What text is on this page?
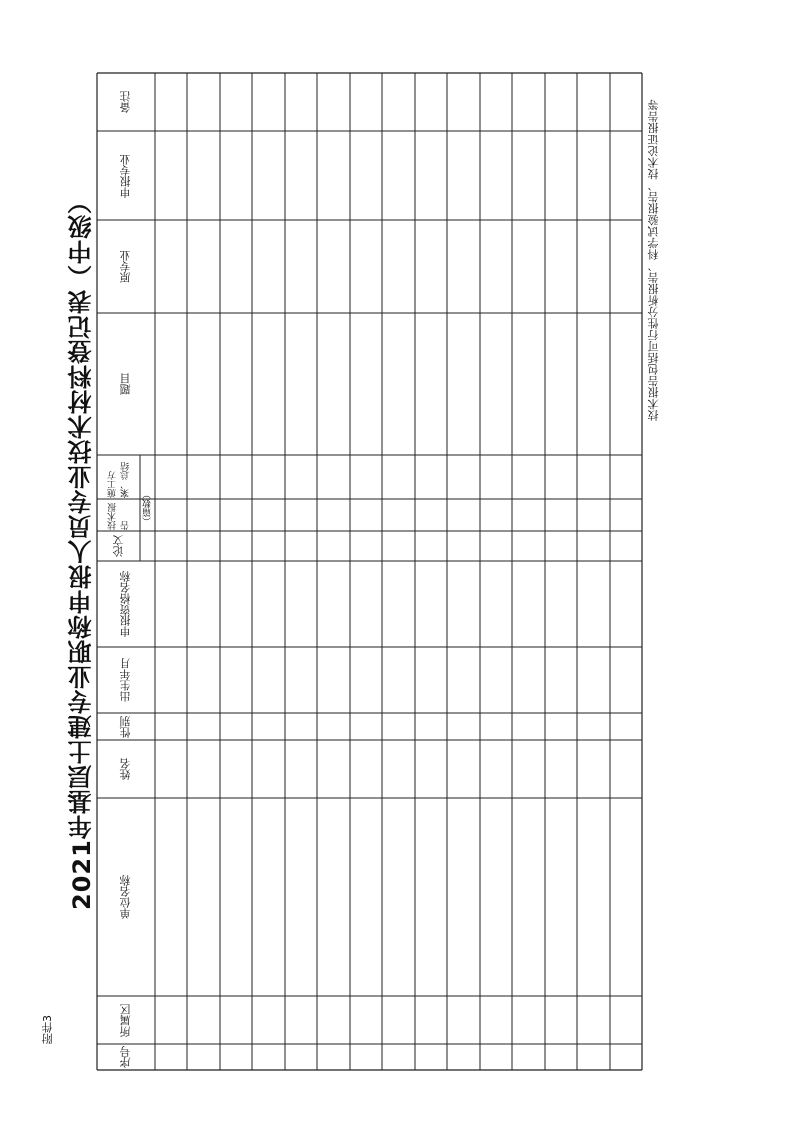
附件3
2021年基层土建专业职称申报人员专业技术材料登记表（中级）	技术报告包括可行性分析报告、科学试验报告、技术论证报告等
备注
申报专业
原专业
题目
施工方案、总结
技术报告
论文
（篇数）
申报资格名称
出生年月
性别
姓名
单位名称
所属区
序号
